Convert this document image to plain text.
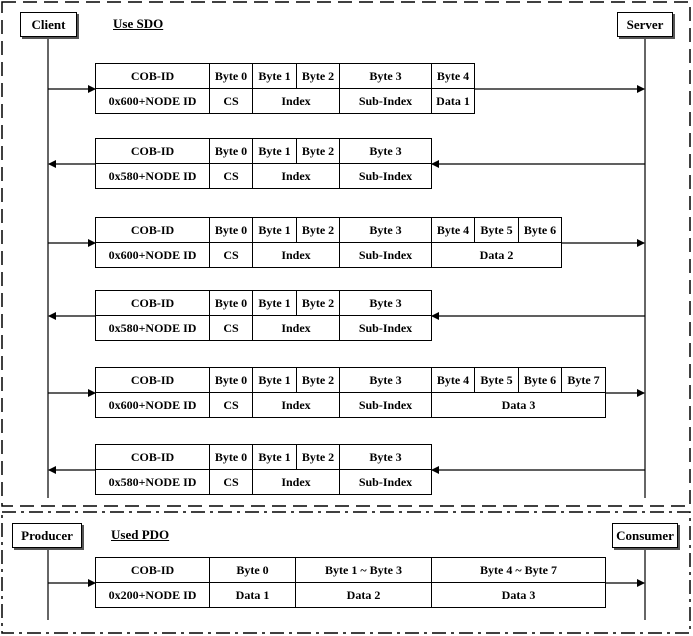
Client	Server
Use SDO
Producer	Consumer
Used PDO
COB-ID	Byte 0 Byte 1 Byte 2	Byte 3	Byte 4
0x600+NODE ID	CS	Index	Sub-Index	Data 1
COB-ID	Byte 0 Byte 1 Byte 2	Byte 3
0x580+NODE ID	CS	Index	Sub-Index
COB-ID	Byte 0 Byte 1 Byte 2	Byte 3	Byte 4 Byte 5 Byte 6
0x600+NODE ID	CS	Index	Sub-Index	Data 2
COB-ID	Byte 0 Byte 1 Byte 2	Byte 3
0x580+NODE ID	CS	Index	Sub-Index
COB-ID	Byte 0 Byte 1 Byte 2	Byte 3	Byte 4 Byte 5 Byte 6 Byte 7
0x600+NODE ID	CS	Index	Sub-Index	Data 3
COB-ID	Byte 0 Byte 1 Byte 2	Byte 3
0x580+NODE ID	CS	Index	Sub-Index
COB-ID	Byte 0	Byte 1 ~ Byte 3	Byte 4 ~ Byte 7
0x200+NODE ID	Data 1	Data 2	Data 3
